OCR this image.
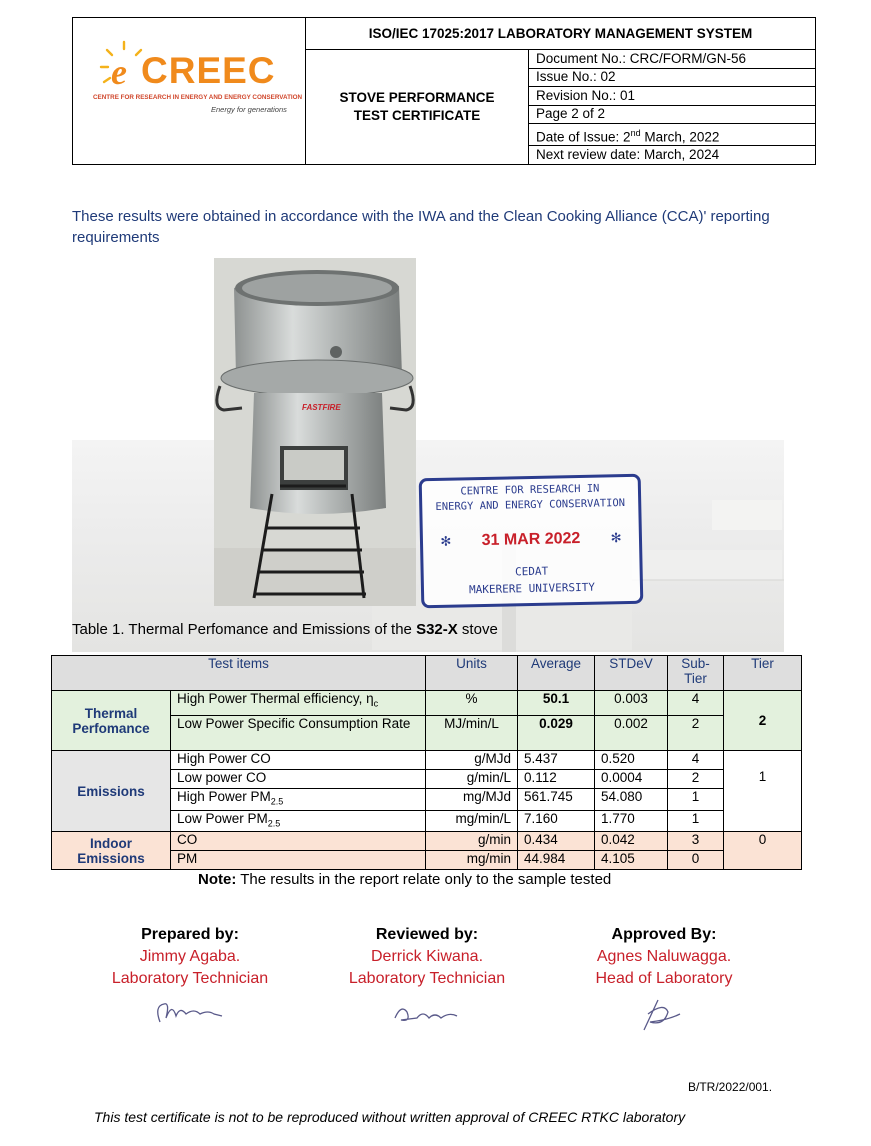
e CREEC
CENTRE FOR RESEARCH IN ENERGY AND ENERGY CONSERVATION
Energy for generations	ISO/IEC 17025:2017 LABORATORY MANAGEMENT SYSTEM	

	STOVE PERFORMANCE
TEST CERTIFICATE	Document No.: CRC/FORM/GN-56
		Issue No.: 02
		Revision No.: 01
		Page 2 of 2
		Date of Issue: 2nd March, 2022
		Next review date: March, 2024
These results were obtained in accordance with the IWA and the Clean Cooking Alliance (CCA)' reporting requirements
FASTFIRE
CENTRE FOR RESEARCH IN
ENERGY AND ENERGY CONSERVATION
✻	31 MAR 2022	✻
CEDAT
MAKERERE UNIVERSITY
Table 1. Thermal Perfomance and Emissions of the S32-X stove
Test items		Units	Average	STDeV	Sub-Tier	Tier
Thermal Perfomance	High Power Thermal efficiency, $\eta_c$	%	50.1	0.003	4	2
	Low Power Specific Consumption Rate	MJ/min/L	0.029	0.002	2	
Emissions	High Power CO	g/MJd	5.437	0.520	4	1
	Low power CO	g/min/L	0.112	0.0004	2	
	High Power $PM_{2.5}$	mg/MJd	561.745	54.080	1	
	Low Power $PM_{2.5}$	mg/min/L	7.160	1.770	1	
Indoor Emissions	CO	g/min	0.434	0.042	3	0
	PM	mg/min	44.984	4.105	0	
Note: The results in the report relate only to the sample tested
Prepared by:
Jimmy Agaba.
Laboratory Technician
Reviewed by:
Derrick Kiwana.
Laboratory Technician
Approved By:
Agnes Naluwagga.
Head of Laboratory
B/TR/2022/001.
This test certificate is not to be reproduced without written approval of CREEC RTKC laboratory
